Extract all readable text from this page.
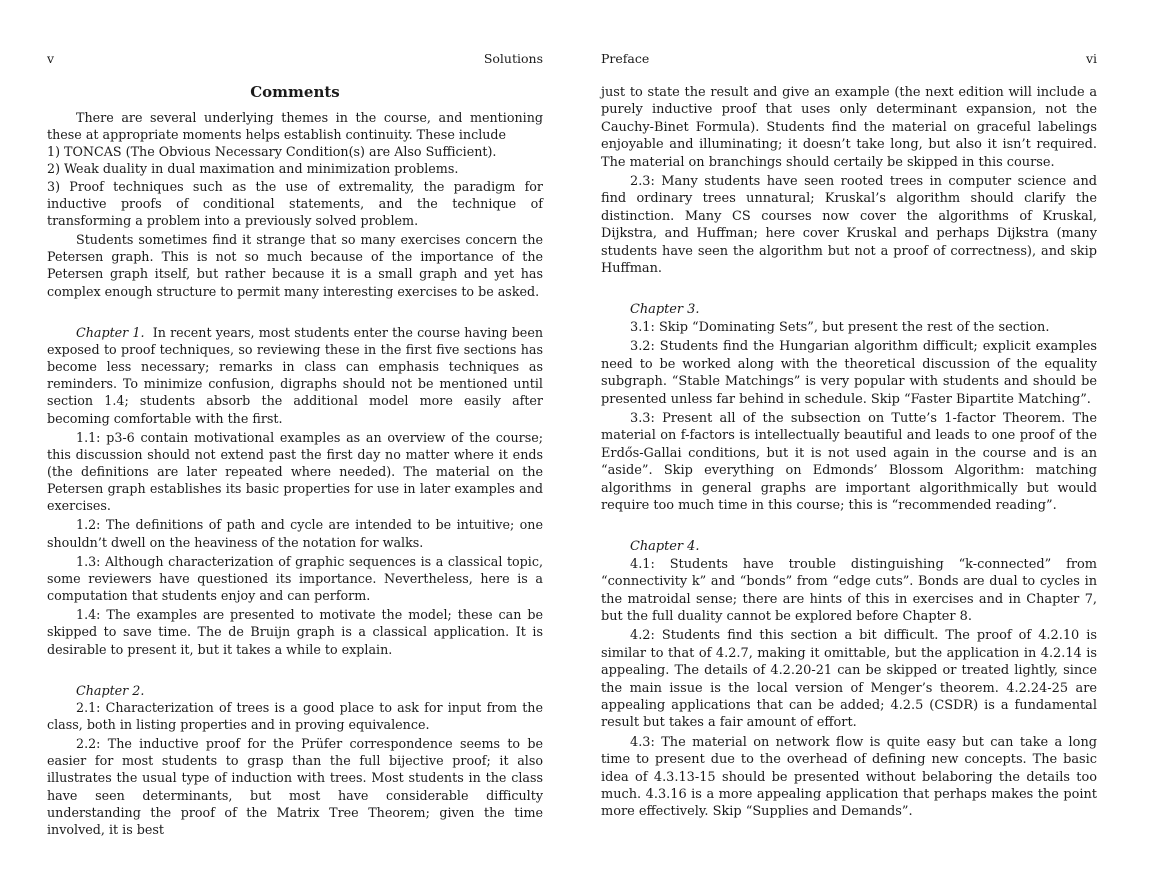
v	Solutions
Comments

There are several underlying themes in the course, and mentioning these at appropriate moments helps establish continuity. These include

1) TONCAS (The Obvious Necessary Condition(s) are Also Sufficient).

2) Weak duality in dual maximation and minimization problems.

3) Proof techniques such as the use of extremality, the paradigm for inductive proofs of conditional statements, and the technique of transforming a problem into a previously solved problem.

Students sometimes find it strange that so many exercises concern the Petersen graph. This is not so much because of the importance of the Petersen graph itself, but rather because it is a small graph and yet has complex enough structure to permit many interesting exercises to be asked.

Chapter 1. In recent years, most students enter the course having been exposed to proof techniques, so reviewing these in the first five sections has become less necessary; remarks in class can emphasis techniques as reminders. To minimize confusion, digraphs should not be mentioned until section 1.4; students absorb the additional model more easily after becoming comfortable with the first.

1.1: p3-6 contain motivational examples as an overview of the course; this discussion should not extend past the first day no matter where it ends (the definitions are later repeated where needed). The material on the Petersen graph establishes its basic properties for use in later examples and exercises.

1.2: The definitions of path and cycle are intended to be intuitive; one shouldn’t dwell on the heaviness of the notation for walks.

1.3: Although characterization of graphic sequences is a classical topic, some reviewers have questioned its importance. Nevertheless, here is a computation that students enjoy and can perform.

1.4: The examples are presented to motivate the model; these can be skipped to save time. The de Bruijn graph is a classical application. It is desirable to present it, but it takes a while to explain.

Chapter 2.

2.1: Characterization of trees is a good place to ask for input from the class, both in listing properties and in proving equivalence.

2.2: The inductive proof for the Prüfer correspondence seems to be easier for most students to grasp than the full bijective proof; it also illustrates the usual type of induction with trees. Most students in the class have seen determinants, but most have considerable difficulty understanding the proof of the Matrix Tree Theorem; given the time involved, it is best

Preface	vi

just to state the result and give an example (the next edition will include a purely inductive proof that uses only determinant expansion, not the Cauchy-Binet Formula). Students find the material on graceful labelings enjoyable and illuminating; it doesn’t take long, but also it isn’t required. The material on branchings should certaily be skipped in this course.

2.3: Many students have seen rooted trees in computer science and find ordinary trees unnatural; Kruskal’s algorithm should clarify the distinction. Many CS courses now cover the algorithms of Kruskal, Dijkstra, and Huffman; here cover Kruskal and perhaps Dijkstra (many students have seen the algorithm but not a proof of correctness), and skip Huffman.

Chapter 3.

3.1: Skip “Dominating Sets”, but present the rest of the section.

3.2: Students find the Hungarian algorithm difficult; explicit examples need to be worked along with the theoretical discussion of the equality subgraph. “Stable Matchings” is very popular with students and should be presented unless far behind in schedule. Skip “Faster Bipartite Matching”.

3.3: Present all of the subsection on Tutte’s 1-factor Theorem. The material on f-factors is intellectually beautiful and leads to one proof of the Erdős-Gallai conditions, but it is not used again in the course and is an “aside”. Skip everything on Edmonds’ Blossom Algorithm: matching algorithms in general graphs are important algorithmically but would require too much time in this course; this is “recommended reading”.

Chapter 4.

4.1: Students have trouble distinguishing “k-connected” from “connectivity k” and “bonds” from “edge cuts”. Bonds are dual to cycles in the matroidal sense; there are hints of this in exercises and in Chapter 7, but the full duality cannot be explored before Chapter 8.

4.2: Students find this section a bit difficult. The proof of 4.2.10 is similar to that of 4.2.7, making it omittable, but the application in 4.2.14 is appealing. The details of 4.2.20-21 can be skipped or treated lightly, since the main issue is the local version of Menger’s theorem. 4.2.24-25 are appealing applications that can be added; 4.2.5 (CSDR) is a fundamental result but takes a fair amount of effort.

4.3: The material on network flow is quite easy but can take a long time to present due to the overhead of defining new concepts. The basic idea of 4.3.13-15 should be presented without belaboring the details too much. 4.3.16 is a more appealing application that perhaps makes the point more effectively. Skip “Supplies and Demands”.
